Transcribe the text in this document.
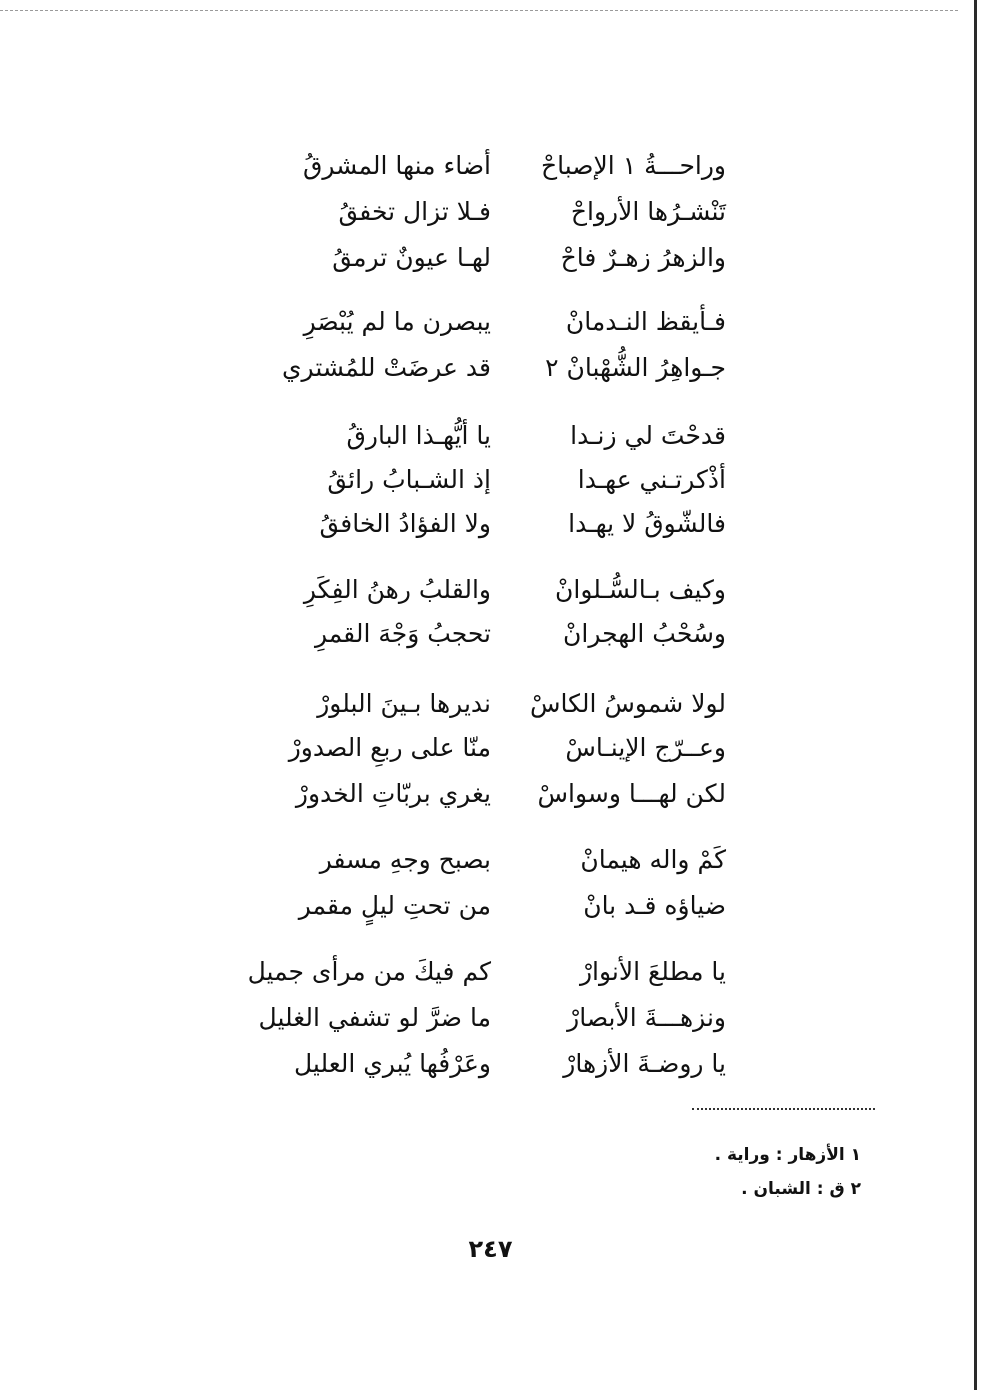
وراحـــةُ ١ الإصباحْ
أضاء منها المشرقُ
تَنْشـرُها الأرواحْ
فـلا تزال تخفقُ
والزهرُ زهـرٌ فاحْ
لهـا عيونٌ ترمقُ
فـأيقظ النـدمانْ
يبصرن ما لم يُبْصَرِ
جـواهِرُ الشُّهْبانْ ٢
قد عرضَتْ للمُشتري
قدحْتَ لي زنـدا
يا أيُّهـذا البارقُ
أذْكرتـني عهـدا
إذ الشـبابُ رائقُ
فالشّوقُ لا يهـدا
ولا الفؤادُ الخافقُ
وكيف بـالسُّـلوانْ
والقلبُ رهنُ الفِكَرِ
وسُحْبُ الهجرانْ
تحجبُ وَجْهَ القمرِ
لولا شموسُ الكاسْ
نديرها بـينَ البلورْ
وعــرّج الإينـاسْ
منّا على ربعِ الصدورْ
لكن لهـــا وسواسْ
يغري بربّاتِ الخدورْ
كَمْ واله هيمانْ
بصبح وجهِ مسفر
ضياؤه قـد بانْ
من تحتِ ليلٍ مقمر
يا مطلعَ الأنوارْ
كم فيكَ من مرأى جميل
ونزهـــةَ الأبصارْ
ما ضرَّ لو تشفي الغليل
يا روضـةَ الأزهارْ
وعَرْفُها يُبري العليل
١ الأزهار : وراية .
٢ ق : الشبان .
٢٤٧
